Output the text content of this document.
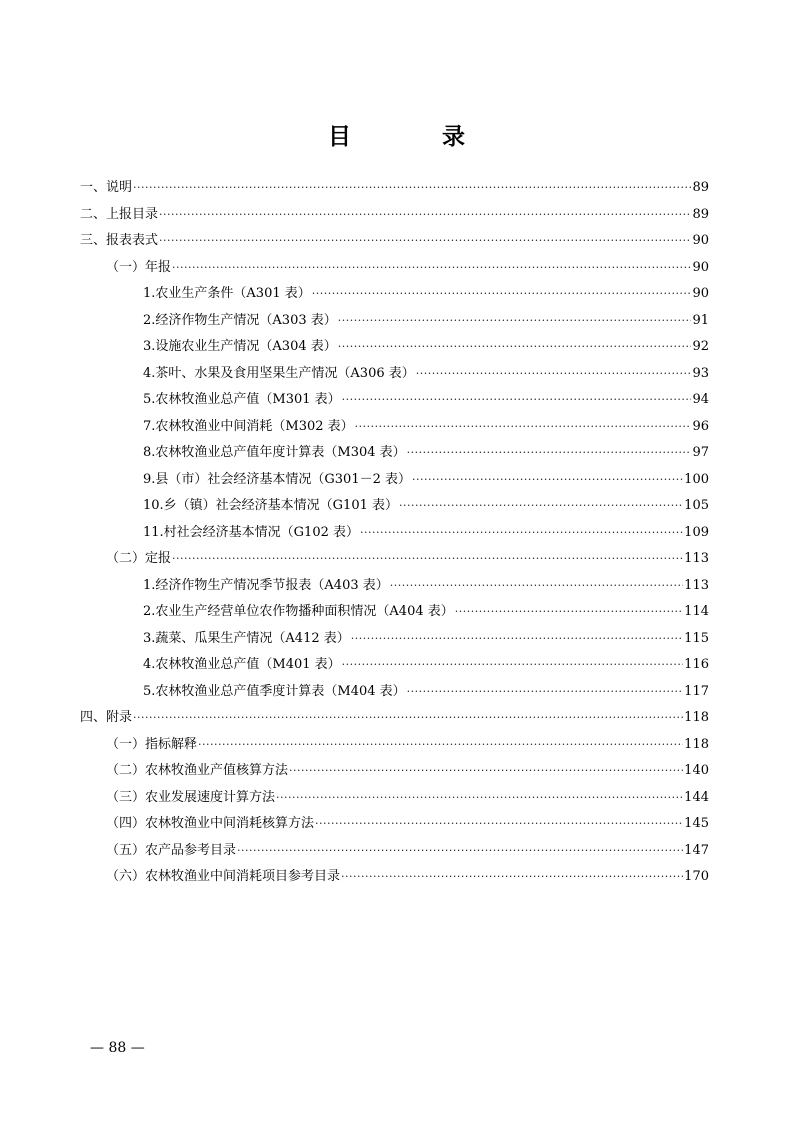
目　录
一、说明 ·····	89
二、上报目录 ·····	89
三、报表表式 ·····	90
（一）年报 ·····	90
1.农业生产条件（A301 表） ·····	90
2.经济作物生产情况（A303 表） ·····	91
3.设施农业生产情况（A304 表） ·····	92
4.茶叶、水果及食用坚果生产情况（A306 表） ·····	93
5.农林牧渔业总产值（M301 表） ·····	94
7.农林牧渔业中间消耗（M302 表） ·····	96
8.农林牧渔业总产值年度计算表（M304 表） ·····	97
9.县（市）社会经济基本情况（G301－2 表） ·····	100
10.乡（镇）社会经济基本情况（G101 表） ·····	105
11.村社会经济基本情况（G102 表） ·····	109
（二）定报 ·····	113
1.经济作物生产情况季节报表（A403 表） ·····	113
2.农业生产经营单位农作物播种面积情况（A404 表） ·····	114
3.蔬菜、瓜果生产情况（A412 表） ·····	115
4.农林牧渔业总产值（M401 表） ·····	116
5.农林牧渔业总产值季度计算表（M404 表） ·····	117
四、附录 ·····	118
（一）指标解释 ·····	118
（二）农林牧渔业产值核算方法 ·····	140
（三）农业发展速度计算方法 ·····	144
（四）农林牧渔业中间消耗核算方法 ·····	145
（五）农产品参考目录 ·····	147
（六）农林牧渔业中间消耗项目参考目录 ·····	170
— 88 —
